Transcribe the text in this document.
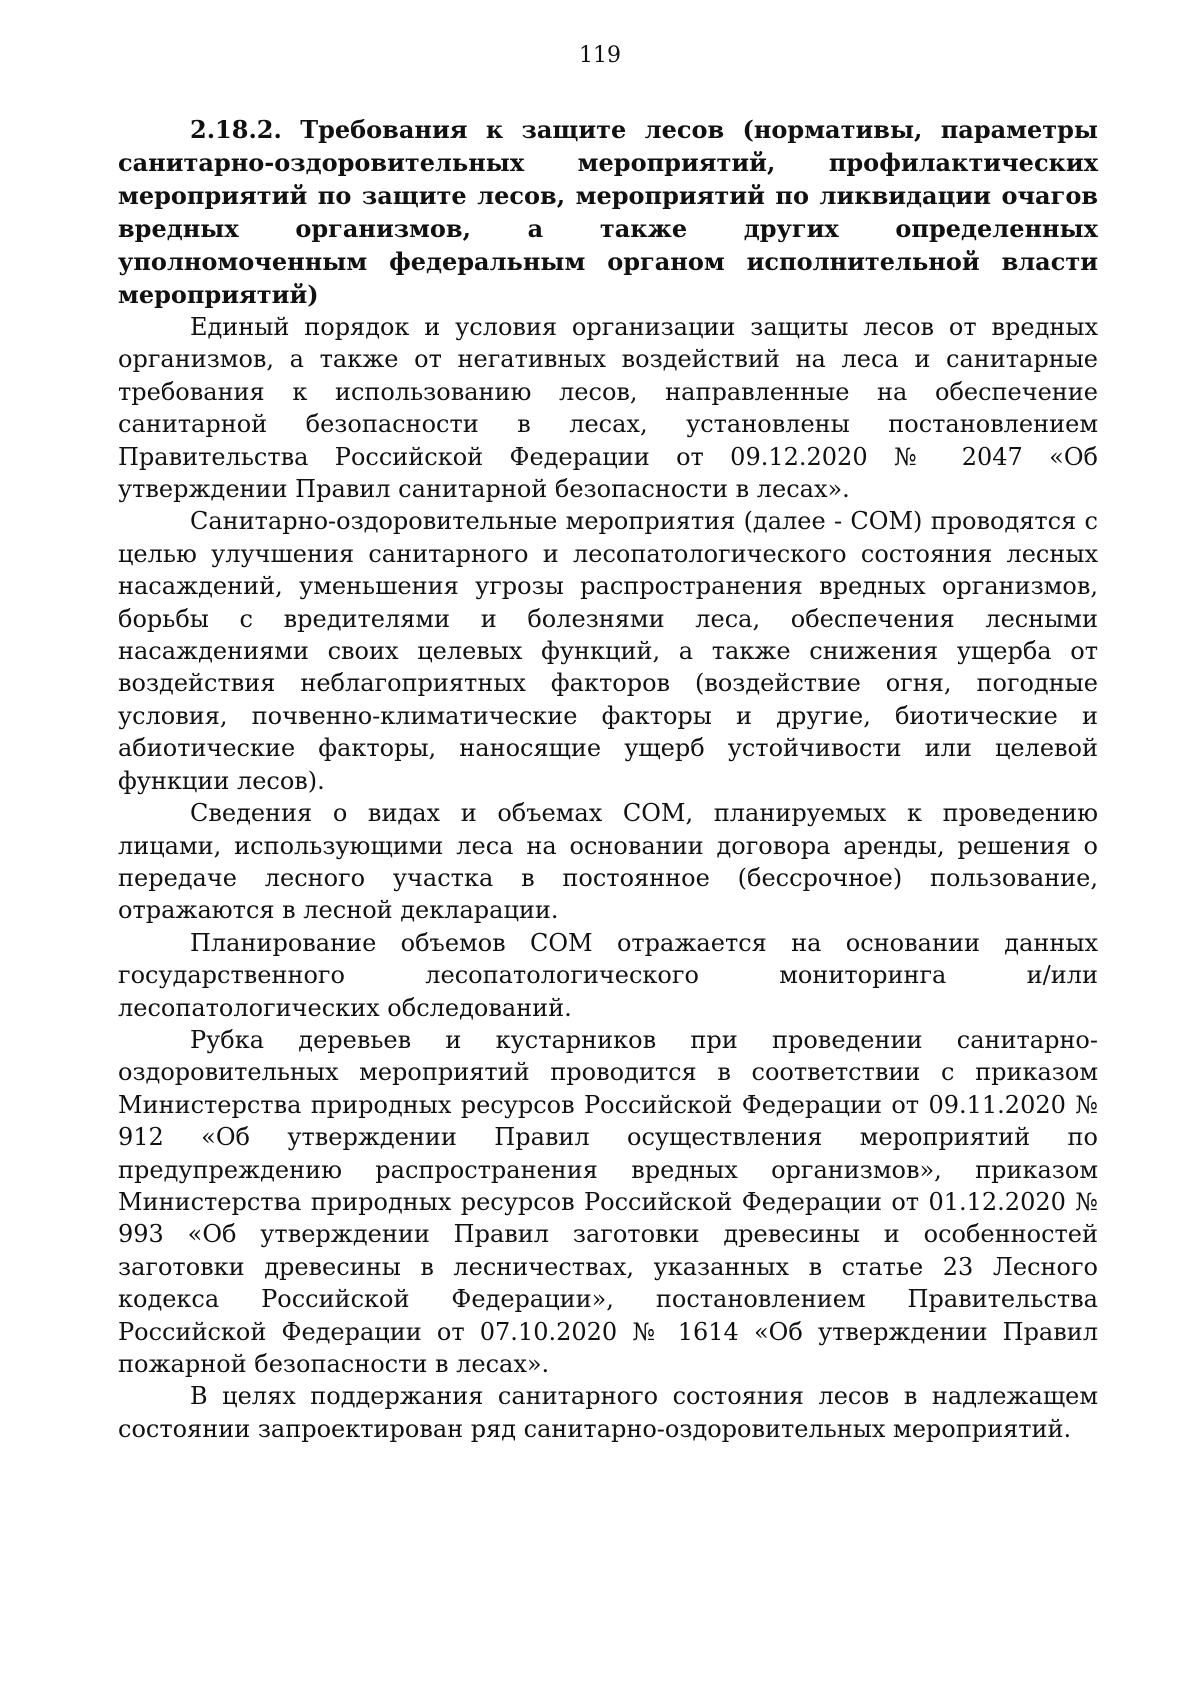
119

2.18.2. Требования к защите лесов (нормативы, параметры санитарно-оздоровительных мероприятий, профилактических мероприятий по защите лесов, мероприятий по ликвидации очагов вредных организмов, а также других определенных уполномоченным федеральным органом исполнительной власти мероприятий)

Единый порядок и условия организации защиты лесов от вредных организмов, а также от негативных воздействий на леса и санитарные требования к использованию лесов, направленные на обеспечение санитарной безопасности в лесах, установлены постановлением Правительства Российской Федерации от 09.12.2020 № 2047 «Об утверждении Правил санитарной безопасности в лесах».

Санитарно-оздоровительные мероприятия (далее - СОМ) проводятся с целью улучшения санитарного и лесопатологического состояния лесных насаждений, уменьшения угрозы распространения вредных организмов, борьбы с вредителями и болезнями леса, обеспечения лесными насаждениями своих целевых функций, а также снижения ущерба от воздействия неблагоприятных факторов (воздействие огня, погодные условия, почвенно-климатические факторы и другие, биотические и абиотические факторы, наносящие ущерб устойчивости или целевой функции лесов).

Сведения о видах и объемах СОМ, планируемых к проведению лицами, использующими леса на основании договора аренды, решения о передаче лесного участка в постоянное (бессрочное) пользование, отражаются в лесной декларации.

Планирование объемов СОМ отражается на основании данных государственного лесопатологического мониторинга и/или лесопатологических обследований.

Рубка деревьев и кустарников при проведении санитарно-оздоровительных мероприятий проводится в соответствии с приказом Министерства природных ресурсов Российской Федерации от 09.11.2020 № 912 «Об утверждении Правил осуществления мероприятий по предупреждению распространения вредных организмов», приказом Министерства природных ресурсов Российской Федерации от 01.12.2020 № 993 «Об утверждении Правил заготовки древесины и особенностей заготовки древесины в лесничествах, указанных в статье 23 Лесного кодекса Российской Федерации», постановлением Правительства Российской Федерации от 07.10.2020 № 1614 «Об утверждении Правил пожарной безопасности в лесах».

В целях поддержания санитарного состояния лесов в надлежащем состоянии запроектирован ряд санитарно-оздоровительных мероприятий.
